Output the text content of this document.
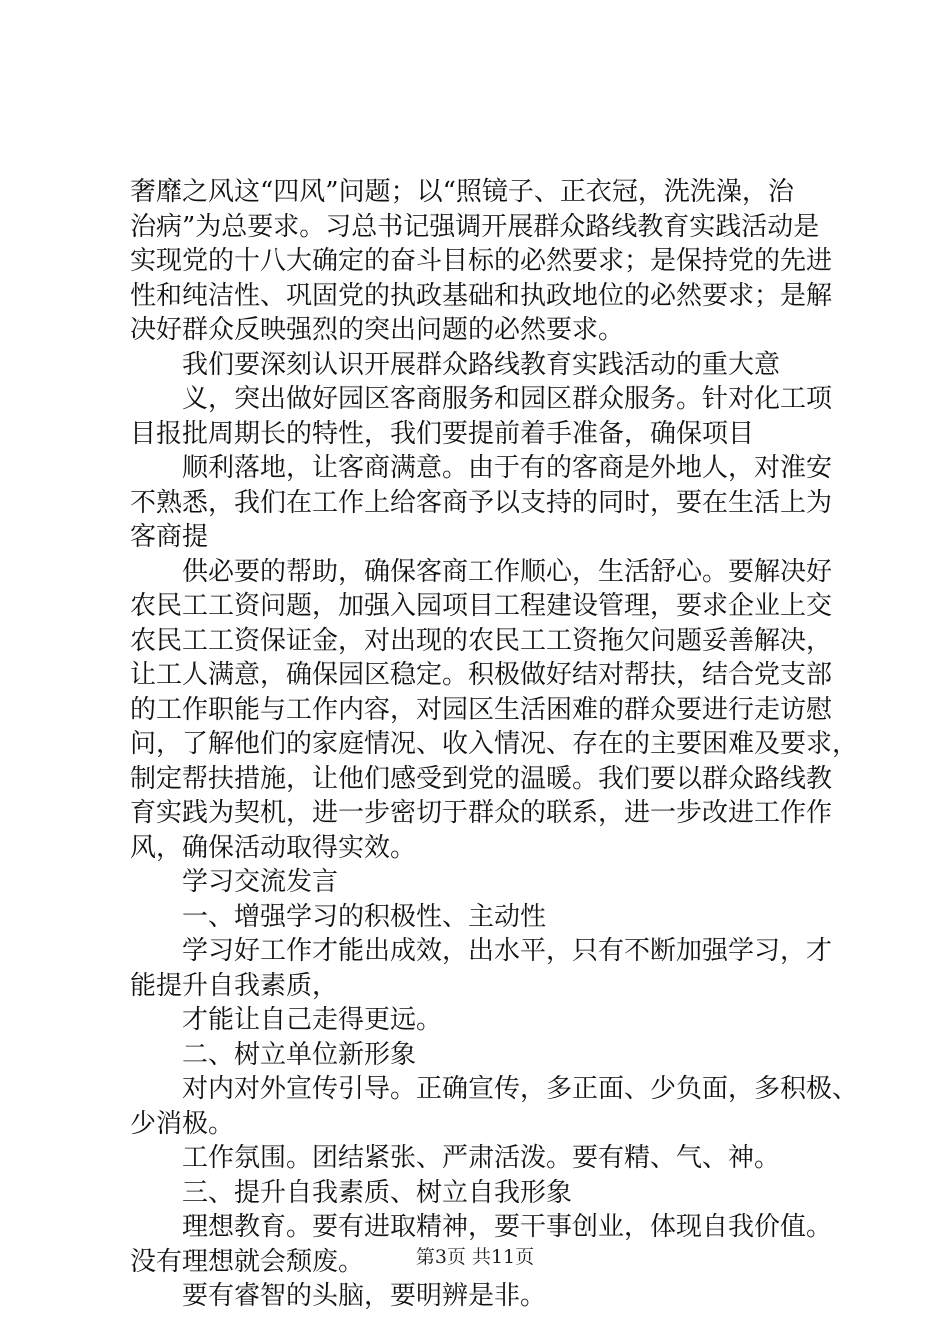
奢靡之风这“四风”问题；以“照镜子、正衣冠，洗洗澡，治
治病”为总要求。习总书记强调开展群众路线教育实践活动是
实现党的十八大确定的奋斗目标的必然要求；是保持党的先进
性和纯洁性、巩固党的执政基础和执政地位的必然要求；是解
决好群众反映强烈的突出问题的必然要求。
我们要深刻认识开展群众路线教育实践活动的重大意
义，突出做好园区客商服务和园区群众服务。针对化工项
目报批周期长的特性，我们要提前着手准备，确保项目
顺利落地，让客商满意。由于有的客商是外地人，对淮安
不熟悉，我们在工作上给客商予以支持的同时，要在生活上为
客商提
供必要的帮助，确保客商工作顺心，生活舒心。要解决好
农民工工资问题，加强入园项目工程建设管理，要求企业上交
农民工工资保证金，对出现的农民工工资拖欠问题妥善解决，
让工人满意，确保园区稳定。积极做好结对帮扶，结合党支部
的工作职能与工作内容，对园区生活困难的群众要进行走访慰
问，了解他们的家庭情况、收入情况、存在的主要困难及要求，
制定帮扶措施，让他们感受到党的温暖。我们要以群众路线教
育实践为契机，进一步密切于群众的联系，进一步改进工作作
风，确保活动取得实效。
学习交流发言
一、增强学习的积极性、主动性
学习好工作才能出成效，出水平，只有不断加强学习，才
能提升自我素质，
才能让自己走得更远。
二、树立单位新形象
对内对外宣传引导。正确宣传，多正面、少负面，多积极、
少消极。
工作氛围。团结紧张、严肃活泼。要有精、气、神。
三、提升自我素质、树立自我形象
理想教育。要有进取精神，要干事创业，体现自我价值。
没有理想就会颓废。
要有睿智的头脑，要明辨是非。
第3页 共11页
